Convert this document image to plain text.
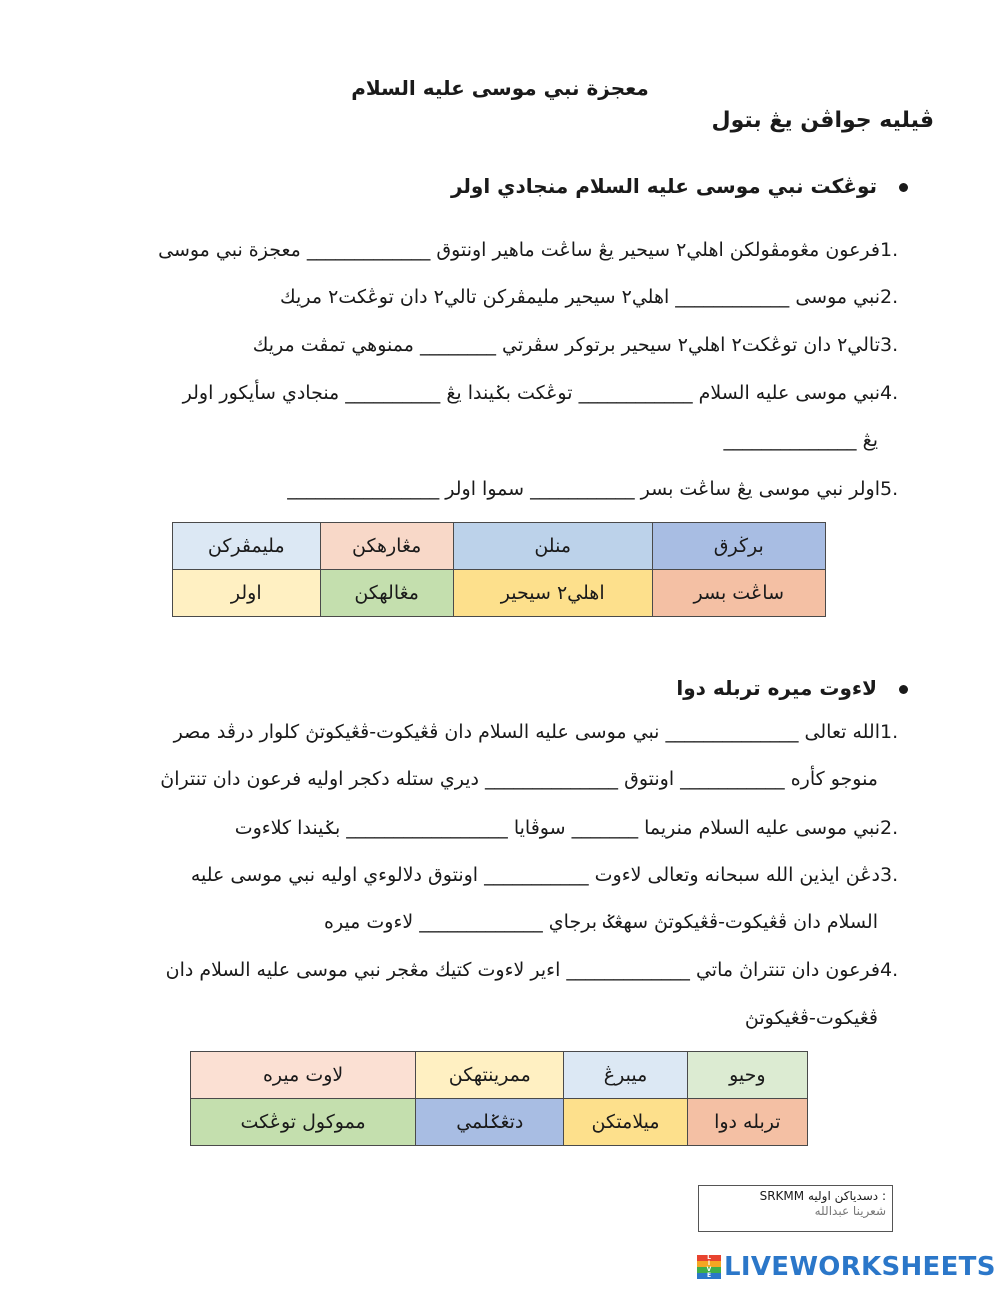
معجزة نبي موسى عليه السلام
ڤيليه جواڤن يڠ بتول
توڠكت نبي موسى عليه السلام منجادي اولر
1.فرعون مڠومڤولكن اهلي٢ سيحير يڠ ساڠت ماهير اونتوق _____________ معجزة نبي موسى
2.نبي موسى ____________ اهلي٢ سيحير مليمڤركن تالي٢ دان توڠكت٢ مريك
3.تالي٢ دان توڠكت٢ اهلي٢ سيحير برتوكر سڤرتي ________ ممنوهي تمڤت مريك
4.نبي موسى عليه السلام ____________ توڠكت بݢيندا يڠ __________ منجادي سأيكور اولر
يڠ ______________
5.اولر نبي موسى يڠ ساڠت بسر ___________ سموا اولر ________________
برڬرق	منلن	مڠارهكن	مليمڤركن
ساڠت بسر	اهلي٢ سيحير	مڠالهكن	اولر
لاءوت ميره تربله دوا
1.الله تعالى ______________ نبي موسى عليه السلام دان ڤڠيكوت-ڤڠيكوتڽ كلوار درڤد مصر
منوجو كأره ___________ اونتوق ______________ ديري ستله دكجر اوليه فرعون دان تنتراڽ
2.نبي موسى عليه السلام منريما _______ سوڤايا _________________ بݢيندا كلاءوت
3.دڠن ايذين الله سبحانه وتعالى لاءوت ___________ اونتوق دلالوءي اوليه نبي موسى عليه
السلام دان ڤڠيكوت-ڤڠيكوتڽ سهڠݢ برجاي _____________ لاءوت ميره
4.فرعون دان تنتراڽ ماتي _____________ اءير لاءوت كتيك مڠجر نبي موسى عليه السلام دان
ڤڠيكوت-ڤڠيكوتڽ
وحيو	ميبرڠ	ممرينتهكن	لاوت ميره
تربله دوا	ميلامتكن	دتڠݢلمي	مموكول توڠكت
: دسدياكن اوليه SRKMM
شعرينا عبدالله
L
I
V
E LIVEWORKSHEETS
